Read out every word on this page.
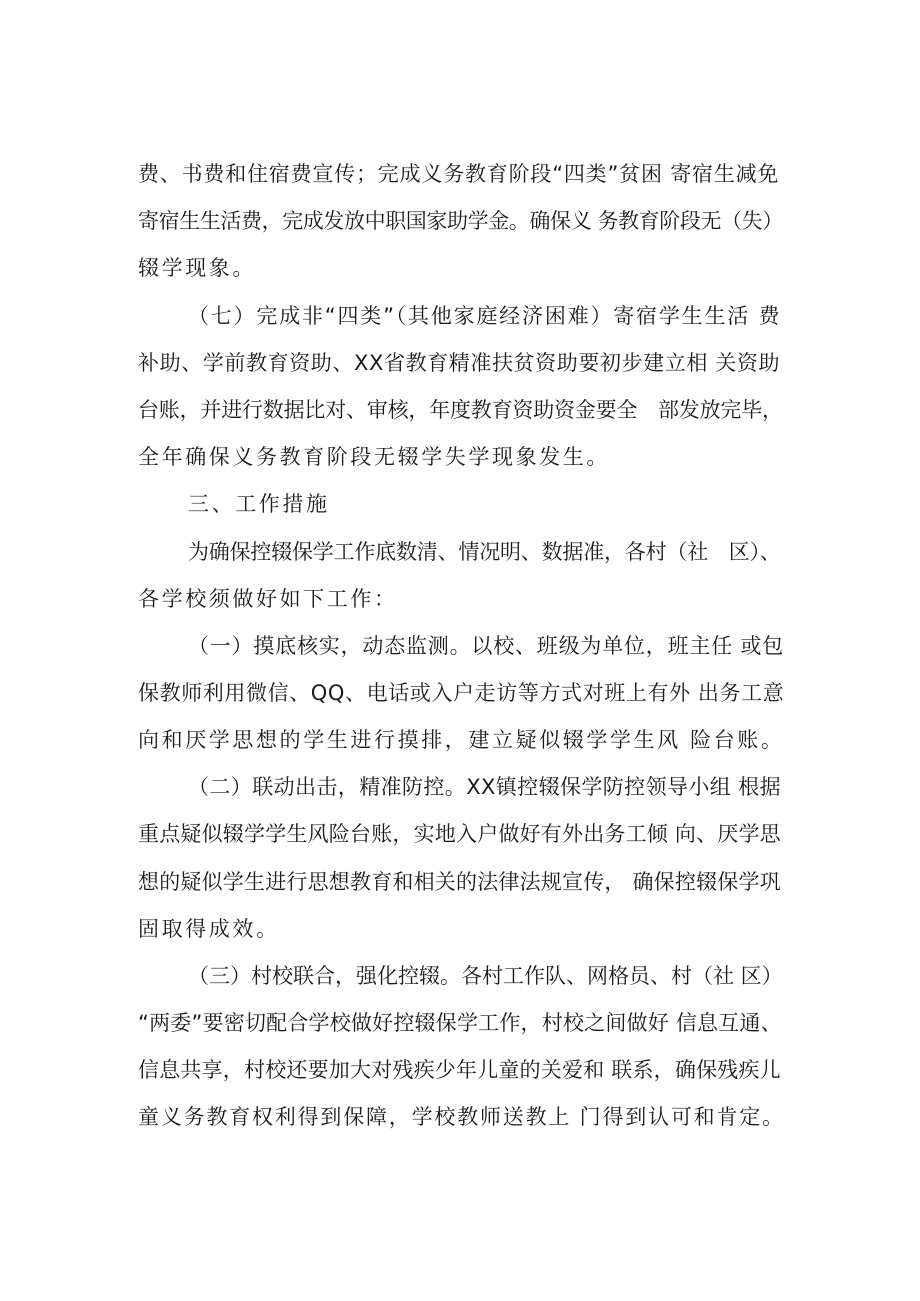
费、书费和住宿费宣传；完成义务教育阶段“四类”贫困 寄宿生减免
寄宿生生活费，完成发放中职国家助学金。确保义 务教育阶段无（失）
辍学现象。
（七）完成非“四类”（其他家庭经济困难）寄宿学生生活 费
补助、学前教育资助、XX省教育精准扶贫资助要初步建立相 关资助
台账，并进行数据比对、审核，年度教育资助资金要全　部发放完毕，
全年确保义务教育阶段无辍学失学现象发生。
三、工作措施
为确保控辍保学工作底数清、情况明、数据准，各村（社　区）、
各学校须做好如下工作：
（一）摸底核实，动态监测。以校、班级为单位，班主任 或包
保教师利用微信、QQ、电话或入户走访等方式对班上有外 出务工意
向和厌学思想的学生进行摸排，建立疑似辍学学生风 险台账。
（二）联动出击，精准防控。XX镇控辍保学防控领导小组 根据
重点疑似辍学学生风险台账，实地入户做好有外出务工倾 向、厌学思
想的疑似学生进行思想教育和相关的法律法规宣传， 确保控辍保学巩
固取得成效。
（三）村校联合，强化控辍。各村工作队、网格员、村（社 区）
“两委”要密切配合学校做好控辍保学工作，村校之间做好 信息互通、
信息共享，村校还要加大对残疾少年儿童的关爱和 联系，确保残疾儿
童义务教育权利得到保障，学校教师送教上 门得到认可和肯定。
